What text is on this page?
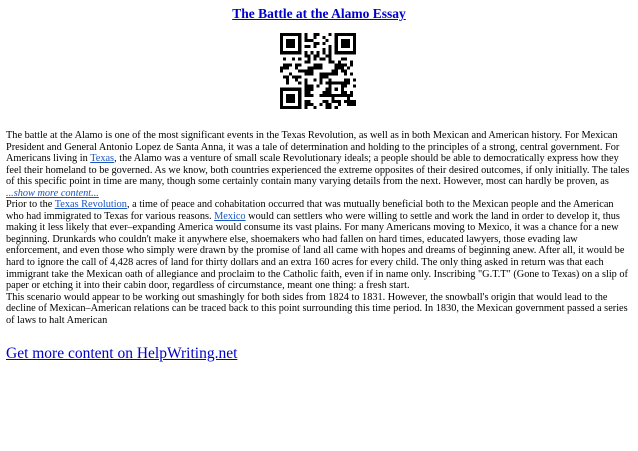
The Battle at the Alamo Essay

The battle at the Alamo is one of the most significant events in the Texas Revolution, as well as in both Mexican and American history. For Mexican President and General Antonio Lopez de Santa Anna, it was a tale of determination and holding to the principles of a strong, central government. For Americans living in Texas, the Alamo was a venture of small scale Revolutionary ideals; a people should be able to democratically express how they feel their homeland to be governed. As we know, both countries experienced the extreme opposites of their desired outcomes, if only initially. The tales of this specific point in time are many, though some certainly contain many varying details from the next. However, most can hardly be proven, as

...show more content...

Prior to the Texas Revolution, a time of peace and cohabitation occurred that was mutually beneficial both to the Mexican people and the American who had immigrated to Texas for various reasons. Mexico would can settlers who were willing to settle and work the land in order to develop it, thus making it less likely that ever–expanding America would consume its vast plains. For many Americans moving to Mexico, it was a chance for a new beginning. Drunkards who couldn't make it anywhere else, shoemakers who had fallen on hard times, educated lawyers, those evading law enforcement, and even those who simply were drawn by the promise of land all came with hopes and dreams of beginning anew. After all, it would be hard to ignore the call of 4,428 acres of land for thirty dollars and an extra 160 acres for every child. The only thing asked in return was that each immigrant take the Mexican oath of allegiance and proclaim to the Catholic faith, even if in name only. Inscribing "G.T.T" (Gone to Texas) on a slip of paper or etching it into their cabin door, regardless of circumstance, meant one thing: a fresh start.

This scenario would appear to be working out smashingly for both sides from 1824 to 1831. However, the snowball's origin that would lead to the decline of Mexican–American relations can be traced back to this point surrounding this time period. In 1830, the Mexican government passed a series of laws to halt American

Get more content on HelpWriting.net
